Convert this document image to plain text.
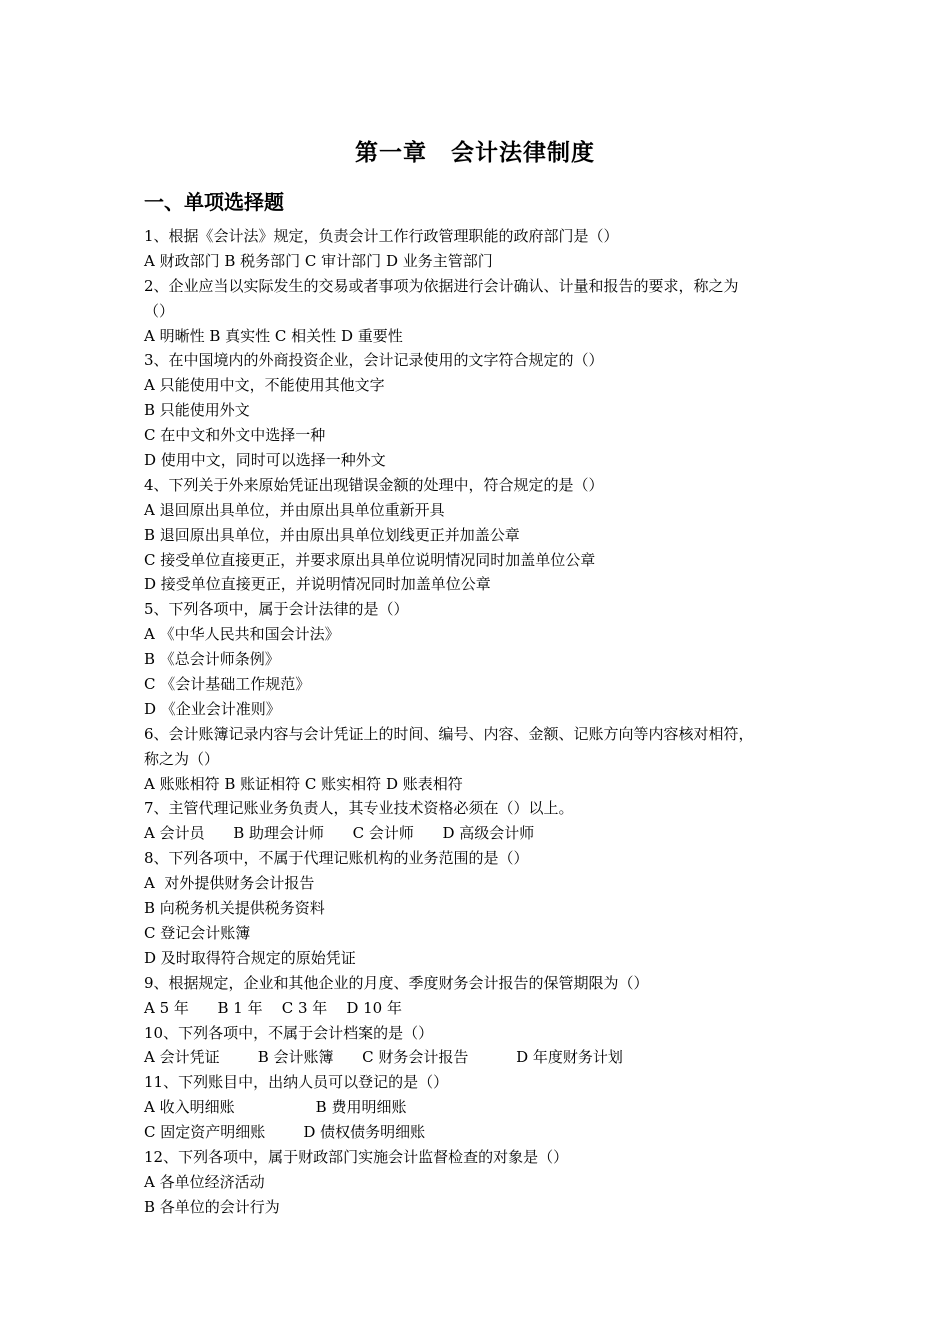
第一章　会计法律制度
一、单项选择题
1、根据《会计法》规定，负责会计工作行政管理职能的政府部门是（）
A 财政部门 B 税务部门 C 审计部门 D 业务主管部门
2、企业应当以实际发生的交易或者事项为依据进行会计确认、计量和报告的要求，称之为
（）
A 明晰性 B 真实性 C 相关性 D 重要性
3、在中国境内的外商投资企业，会计记录使用的文字符合规定的（）
A 只能使用中文，不能使用其他文字
B 只能使用外文
C 在中文和外文中选择一种
D 使用中文，同时可以选择一种外文
4、下列关于外来原始凭证出现错误金额的处理中，符合规定的是（）
A 退回原出具单位，并由原出具单位重新开具
B 退回原出具单位，并由原出具单位划线更正并加盖公章
C 接受单位直接更正，并要求原出具单位说明情况同时加盖单位公章
D 接受单位直接更正，并说明情况同时加盖单位公章
5、下列各项中，属于会计法律的是（）
A 《中华人民共和国会计法》
B 《总会计师条例》
C 《会计基础工作规范》
D 《企业会计准则》
6、会计账簿记录内容与会计凭证上的时间、编号、内容、金额、记账方向等内容核对相符，
称之为（）
A 账账相符 B 账证相符 C 账实相符 D 账表相符
7、主管代理记账业务负责人，其专业技术资格必须在（）以上。
A 会计员      B 助理会计师      C 会计师      D 高级会计师
8、下列各项中，不属于代理记账机构的业务范围的是（）
A  对外提供财务会计报告
B 向税务机关提供税务资料
C 登记会计账簿
D 及时取得符合规定的原始凭证
9、根据规定，企业和其他企业的月度、季度财务会计报告的保管期限为（）
A 5 年      B 1 年    C 3 年    D 10 年
10、下列各项中，不属于会计档案的是（）
A 会计凭证        B 会计账簿      C 财务会计报告          D 年度财务计划
11、下列账目中，出纳人员可以登记的是（）
A 收入明细账                 B 费用明细账
C 固定资产明细账        D 债权债务明细账
12、下列各项中，属于财政部门实施会计监督检查的对象是（）
A 各单位经济活动
B 各单位的会计行为
